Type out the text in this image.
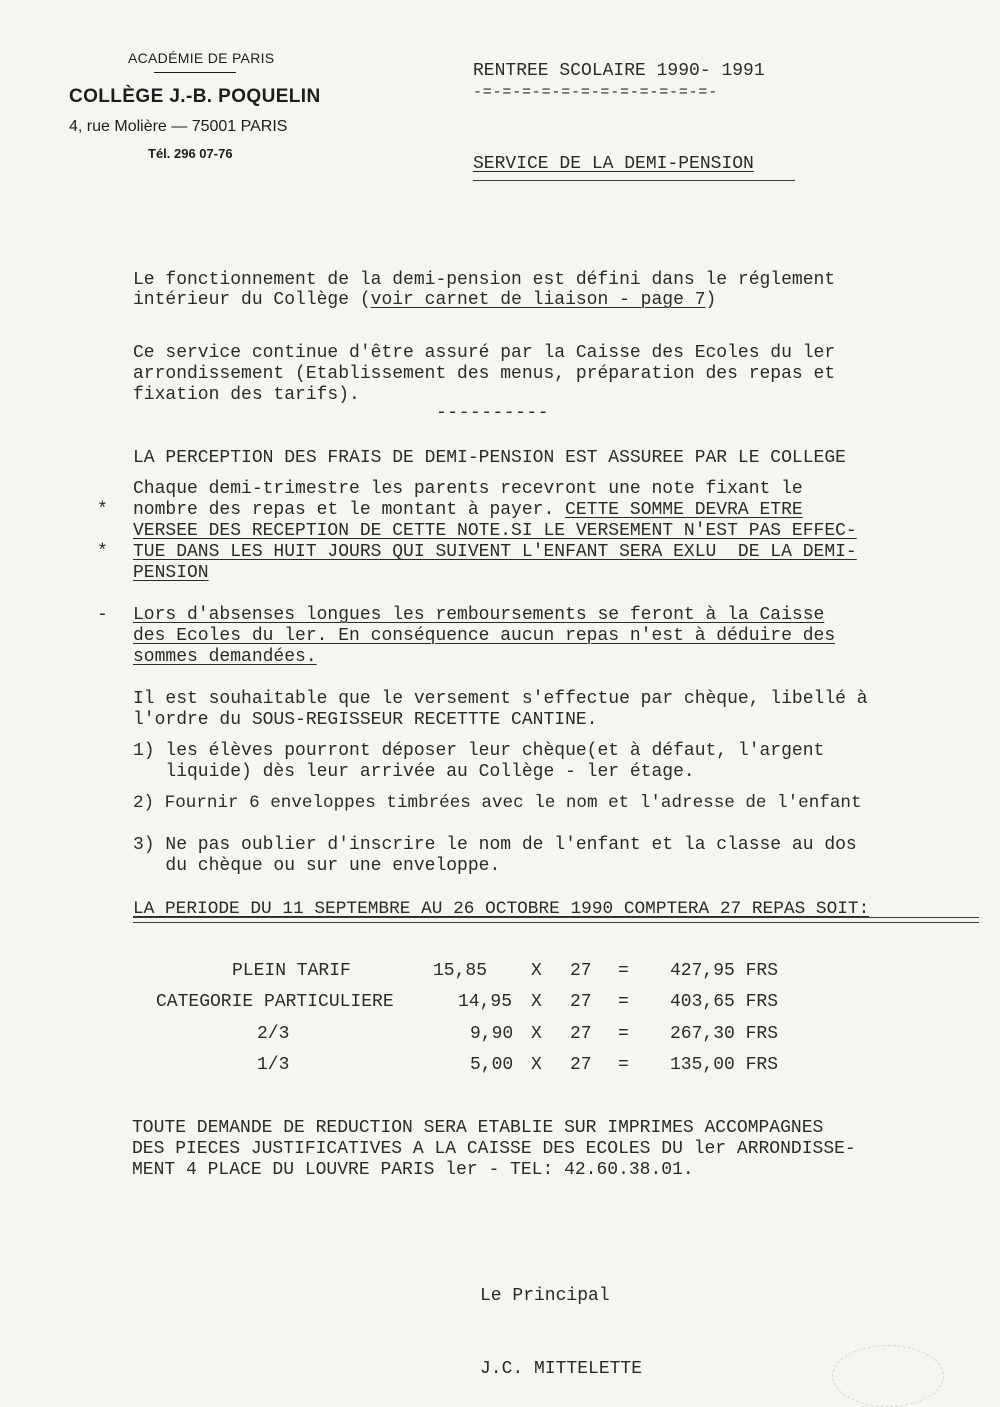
ACADÉMIE DE PARIS
COLLÈGE J.-B. POQUELIN
4, rue Molière — 75001 PARIS
Tél. 296 07-76
RENTREE SCOLAIRE 1990- 1991
-=-=-=-=-=-=-=-=-=-=-=-=-
SERVICE DE LA DEMI-PENSION
Le fonctionnement de la demi-pension est défini dans le réglement
intérieur du Collège (voir carnet de liaison - page 7)
Ce service continue d'être assuré par la Caisse des Ecoles du ler
arrondissement (Etablissement des menus, préparation des repas et
fixation des tarifs).
----------
LA PERCEPTION DES FRAIS DE DEMI-PENSION EST ASSUREE PAR LE COLLEGE
Chaque demi-trimestre les parents recevront une note fixant le
* nombre des repas et le montant à payer. CETTE SOMME DEVRA ETRE
VERSEE DES RECEPTION DE CETTE NOTE.SI LE VERSEMENT N'EST PAS EFFEC-
* TUE DANS LES HUIT JOURS QUI SUIVENT L'ENFANT SERA EXLU  DE LA DEMI-
PENSION
- Lors d'absenses longues les remboursements se feront à la Caisse
des Ecoles du ler. En conséquence aucun repas n'est à déduire des
sommes demandées.
Il est souhaitable que le versement s'effectue par chèque, libellé à
l'ordre du SOUS-REGISSEUR RECETTTE CANTINE.
1) les élèves pourront déposer leur chèque(et à défaut, l'argent
liquide) dès leur arrivée au Collège - ler étage.
2) Fournir 6 enveloppes timbrées avec le nom et l'adresse de l'enfant
3) Ne pas oublier d'inscrire le nom de l'enfant et la classe au dos
du chèque ou sur une enveloppe.
LA PERIODE DU 11 SEPTEMBRE AU 26 OCTOBRE 1990 COMPTERA 27 REPAS SOIT:
PLEIN TARIF	15,85 X 27 = 427,95 FRS
CATEGORIE PARTICULIERE	14,95 X 27 = 403,65 FRS
2/3	9,90 X 27 = 267,30 FRS
1/3	5,00 X 27 = 135,00 FRS
TOUTE DEMANDE DE REDUCTION SERA ETABLIE SUR IMPRIMES ACCOMPAGNES
DES PIECES JUSTIFICATIVES A LA CAISSE DES ECOLES DU ler ARRONDISSE-
MENT 4 PLACE DU LOUVRE PARIS ler - TEL: 42.60.38.01.
Le Principal
J.C. MITTELETTE
